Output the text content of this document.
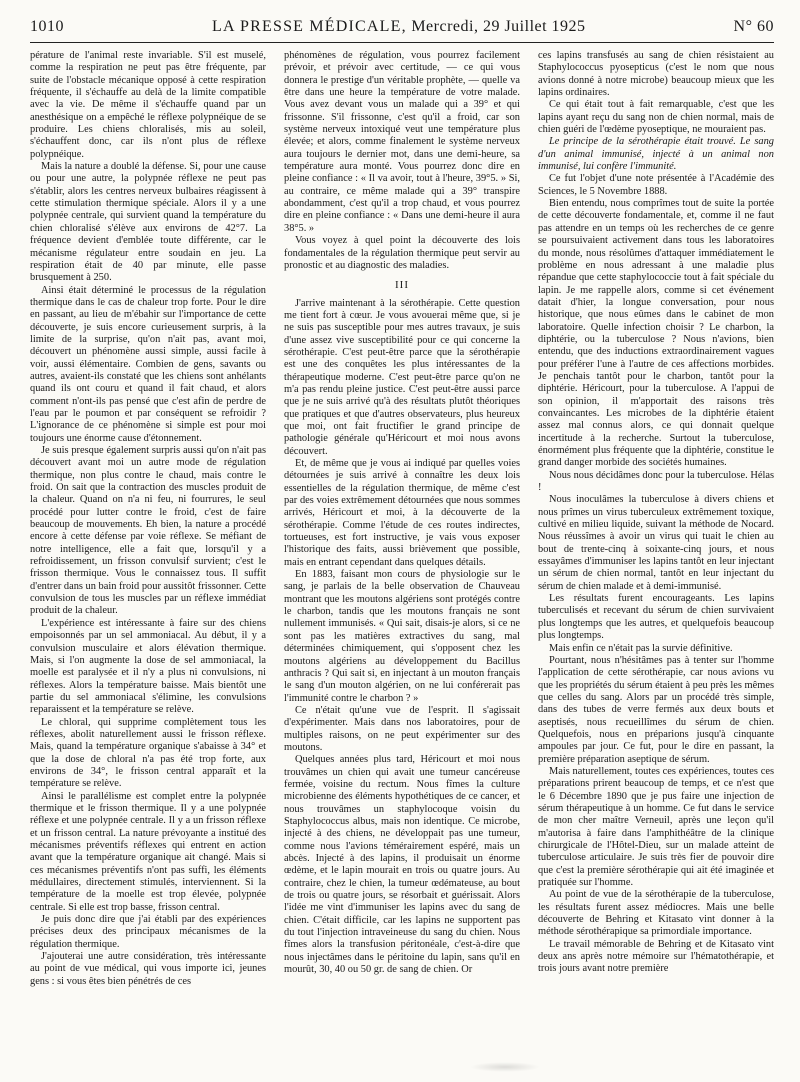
1010	LA PRESSE MÉDICALE, Mercredi, 29 Juillet 1925	N° 60

pérature de l'animal reste invariable. S'il est muselé, comme la respiration ne peut pas être fréquente, par suite de l'obstacle mécanique opposé à cette respiration fréquente, il s'échauffe au delà de la limite compatible avec la vie. De même il s'échauffe quand par un anesthésique on a empêché le réflexe polypnéique de se produire. Les chiens chloralisés, mis au soleil, s'échauffent donc, car ils n'ont plus de réflexe polypnéique.

Mais la nature a doublé la défense. Si, pour une cause ou pour une autre, la polypnée réflexe ne peut pas s'établir, alors les centres nerveux bulbaires réagissent à cette stimulation thermique spéciale. Alors il y a une polypnée centrale, qui survient quand la température du chien chloralisé s'élève aux environs de 42°7. La fréquence devient d'emblée toute différente, car le mécanisme régulateur entre soudain en jeu. La respiration était de 40 par minute, elle passe brusquement à 250.

Ainsi était déterminé le processus de la régulation thermique dans le cas de chaleur trop forte. Pour le dire en passant, au lieu de m'ébahir sur l'importance de cette découverte, je suis encore curieusement surpris, à la limite de la surprise, qu'on n'ait pas, avant moi, découvert un phénomène aussi simple, aussi facile à voir, aussi élémentaire. Combien de gens, savants ou autres, avaient-ils constaté que les chiens sont anhélants quand ils ont couru et quand il fait chaud, et alors comment n'ont-ils pas pensé que c'est afin de perdre de l'eau par le poumon et par conséquent se refroidir ? L'ignorance de ce phénomène si simple est pour moi toujours une énorme cause d'étonnement.

Je suis presque également surpris aussi qu'on n'ait pas découvert avant moi un autre mode de régulation thermique, non plus contre le chaud, mais contre le froid. On sait que la contraction des muscles produit de la chaleur. Quand on n'a ni feu, ni fourrures, le seul procédé pour lutter contre le froid, c'est de faire beaucoup de mouvements. Eh bien, la nature a procédé encore à cette défense par voie réflexe. Se méfiant de notre intelligence, elle a fait que, lorsqu'il y a refroidissement, un frisson convulsif survient; c'est le frisson thermique. Vous le connaissez tous. Il suffit d'entrer dans un bain froid pour aussitôt frissonner. Cette convulsion de tous les muscles par un réflexe immédiat produit de la chaleur.

L'expérience est intéressante à faire sur des chiens empoisonnés par un sel ammoniacal. Au début, il y a convulsion musculaire et alors élévation thermique. Mais, si l'on augmente la dose de sel ammoniacal, la moelle est paralysée et il n'y a plus ni convulsions, ni réflexes. Alors la température baisse. Mais bientôt une partie du sel ammoniacal s'élimine, les convulsions reparaissent et la température se relève.

Le chloral, qui supprime complètement tous les réflexes, abolit naturellement aussi le frisson réflexe. Mais, quand la température organique s'abaisse à 34° et que la dose de chloral n'a pas été trop forte, aux environs de 34°, le frisson central apparaît et la température se relève.

Ainsi le parallélisme est complet entre la polypnée thermique et le frisson thermique. Il y a une polypnée réflexe et une polypnée centrale. Il y a un frisson réflexe et un frisson central. La nature prévoyante a institué des mécanismes préventifs réflexes qui entrent en action avant que la température organique ait changé. Mais si ces mécanismes préventifs n'ont pas suffi, les éléments médullaires, directement stimulés, interviennent. Si la température de la moelle est trop élevée, polypnée centrale. Si elle est trop basse, frisson central.

Je puis donc dire que j'ai établi par des expériences précises deux des principaux mécanismes de la régulation thermique.

J'ajouterai une autre considération, très intéressante au point de vue médical, qui vous importe ici, jeunes gens : si vous êtes bien pénétrés de ces

phénomènes de régulation, vous pourrez facilement prévoir, et prévoir avec certitude, — ce qui vous donnera le prestige d'un véritable prophète, — quelle va être dans une heure la température de votre malade. Vous avez devant vous un malade qui a 39° et qui frissonne. S'il frissonne, c'est qu'il a froid, car son système nerveux intoxiqué veut une température plus élevée; et alors, comme finalement le système nerveux aura toujours le dernier mot, dans une demi-heure, sa température aura monté. Vous pourrez donc dire en pleine confiance : « Il va avoir, tout à l'heure, 39°5. » Si, au contraire, ce même malade qui a 39° transpire abondamment, c'est qu'il a trop chaud, et vous pourrez dire en pleine confiance : « Dans une demi-heure il aura 38°5. »

Vous voyez à quel point la découverte des lois fondamentales de la régulation thermique peut servir au pronostic et au diagnostic des maladies.

III

J'arrive maintenant à la sérothérapie. Cette question me tient fort à cœur. Je vous avouerai même que, si je ne suis pas susceptible pour mes autres travaux, je suis d'une assez vive susceptibilité pour ce qui concerne la sérothérapie. C'est peut-être parce que la sérothérapie est une des conquêtes les plus intéressantes de la thérapeutique moderne. C'est peut-être parce qu'on ne m'a pas rendu pleine justice. C'est peut-être aussi parce que je ne suis arrivé qu'à des résultats plutôt théoriques que pratiques et que d'autres observateurs, plus heureux que moi, ont fait fructifier le grand principe de pathologie générale qu'Héricourt et moi nous avons découvert.

Et, de même que je vous ai indiqué par quelles voies détournées je suis arrivé à connaître les deux lois essentielles de la régulation thermique, de même c'est par des voies extrêmement détournées que nous sommes arrivés, Héricourt et moi, à la découverte de la sérothérapie. Comme l'étude de ces routes indirectes, tortueuses, est fort instructive, je vais vous exposer l'historique des faits, aussi brièvement que possible, mais en entrant cependant dans quelques détails.

En 1883, faisant mon cours de physiologie sur le sang, je parlais de la belle observation de Chauveau montrant que les moutons algériens sont protégés contre le charbon, tandis que les moutons français ne sont nullement immunisés. « Qui sait, disais-je alors, si ce ne sont pas les matières extractives du sang, mal déterminées chimiquement, qui s'opposent chez les moutons algériens au développement du Bacillus anthracis ? Qui sait si, en injectant à un mouton français le sang d'un mouton algérien, on ne lui conférerait pas l'immunité contre le charbon ? »

Ce n'était qu'une vue de l'esprit. Il s'agissait d'expérimenter. Mais dans nos laboratoires, pour de multiples raisons, on ne peut expérimenter sur des moutons.

Quelques années plus tard, Héricourt et moi nous trouvâmes un chien qui avait une tumeur cancéreuse fermée, voisine du rectum. Nous fîmes la culture microbienne des éléments hypothétiques de ce cancer, et nous trouvâmes un staphylocoque voisin du Staphylococcus albus, mais non identique. Ce microbe, injecté à des chiens, ne développait pas une tumeur, comme nous l'avions témérairement espéré, mais un abcès. Injecté à des lapins, il produisait un énorme œdème, et le lapin mourait en trois ou quatre jours. Au contraire, chez le chien, la tumeur œdémateuse, au bout de trois ou quatre jours, se résorbait et guérissait. Alors l'idée me vint d'immuniser les lapins avec du sang de chien. C'était difficile, car les lapins ne supportent pas du tout l'injection intraveineuse du sang du chien. Nous fîmes alors la transfusion péritonéale, c'est-à-dire que nous injectâmes dans le péritoine du lapin, sans qu'il en mourût, 30, 40 ou 50 gr. de sang de chien. Or

ces lapins transfusés au sang de chien résistaient au Staphylococcus pyosepticus (c'est le nom que nous avions donné à notre microbe) beaucoup mieux que les lapins ordinaires.

Ce qui était tout à fait remarquable, c'est que les lapins ayant reçu du sang non de chien normal, mais de chien guéri de l'œdème pyoseptique, ne mouraient pas.

Le principe de la sérothérapie était trouvé. Le sang d'un animal immunisé, injecté à un animal non immunisé, lui confère l'immunité.

Ce fut l'objet d'une note présentée à l'Académie des Sciences, le 5 Novembre 1888.

Bien entendu, nous comprîmes tout de suite la portée de cette découverte fondamentale, et, comme il ne faut pas attendre en un temps où les recherches de ce genre se poursuivaient activement dans tous les laboratoires du monde, nous résolûmes d'attaquer immédiatement le problème en nous adressant à une maladie plus répandue que cette staphylococcie tout à fait spéciale du lapin. Je me rappelle alors, comme si cet événement datait d'hier, la longue conversation, pour nous historique, que nous eûmes dans le cabinet de mon laboratoire. Quelle infection choisir ? Le charbon, la diphtérie, ou la tuberculose ? Nous n'avions, bien entendu, que des inductions extraordinairement vagues pour préférer l'une à l'autre de ces affections morbides. Je penchais tantôt pour le charbon, tantôt pour la diphtérie. Héricourt, pour la tuberculose. A l'appui de son opinion, il m'apportait des raisons très convaincantes. Les microbes de la diphtérie étaient assez mal connus alors, ce qui donnait quelque incertitude à la recherche. Surtout la tuberculose, énormément plus fréquente que la diphtérie, constitue le grand danger morbide des sociétés humaines.

Nous nous décidâmes donc pour la tuberculose. Hélas !

Nous inoculâmes la tuberculose à divers chiens et nous prîmes un virus tuberculeux extrêmement toxique, cultivé en milieu liquide, suivant la méthode de Nocard. Nous réussîmes à avoir un virus qui tuait le chien au bout de trente-cinq à soixante-cinq jours, et nous essayâmes d'immuniser les lapins tantôt en leur injectant un sérum de chien normal, tantôt en leur injectant du sérum de chien malade et à demi-immunisé.

Les résultats furent encourageants. Les lapins tuberculisés et recevant du sérum de chien survivaient plus longtemps que les autres, et quelquefois beaucoup plus longtemps.

Mais enfin ce n'était pas la survie définitive.

Pourtant, nous n'hésitâmes pas à tenter sur l'homme l'application de cette sérothérapie, car nous avions vu que les propriétés du sérum étaient à peu près les mêmes que celles du sang. Alors par un procédé très simple, dans des tubes de verre fermés aux deux bouts et aseptisés, nous recueillîmes du sérum de chien. Quelquefois, nous en préparions jusqu'à cinquante ampoules par jour. Ce fut, pour le dire en passant, la première préparation aseptique de sérum.

Mais naturellement, toutes ces expériences, toutes ces préparations prirent beaucoup de temps, et ce n'est que le 6 Décembre 1890 que je pus faire une injection de sérum thérapeutique à un homme. Ce fut dans le service de mon cher maître Verneuil, après une leçon qu'il m'autorisa à faire dans l'amphithéâtre de la clinique chirurgicale de l'Hôtel-Dieu, sur un malade atteint de tuberculose articulaire. Je suis très fier de pouvoir dire que c'est la première sérothérapie qui ait été imaginée et pratiquée sur l'homme.

Au point de vue de la sérothérapie de la tuberculose, les résultats furent assez médiocres. Mais une belle découverte de Behring et Kitasato vint donner à la méthode sérothérapique sa primordiale importance.

Le travail mémorable de Behring et de Kitasato vint deux ans après notre mémoire sur l'hématothérapie, et trois jours avant notre première
